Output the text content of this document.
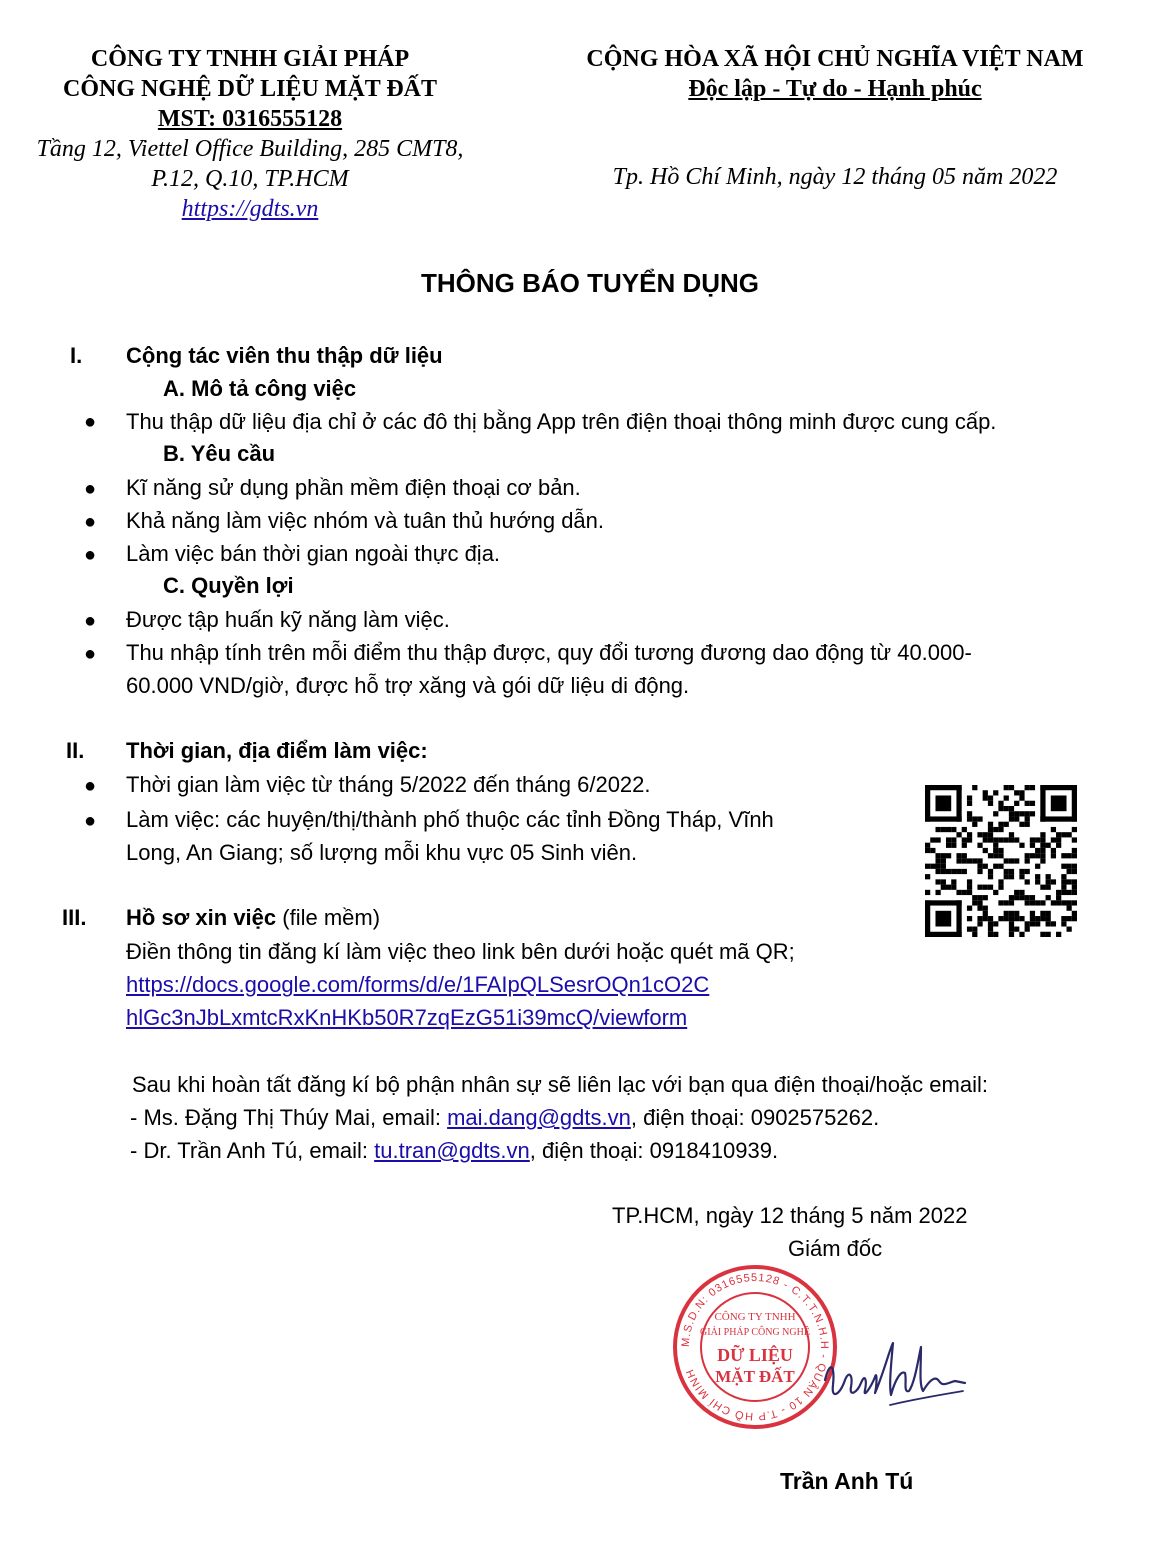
CÔNG TY TNHH GIẢI PHÁP
CÔNG NGHỆ DỮ LIỆU MẶT ĐẤT
MST: 0316555128
Tầng 12, Viettel Office Building, 285 CMT8,
P.12, Q.10, TP.HCM
https://gdts.vn
CỘNG HÒA XÃ HỘI CHỦ NGHĨA VIỆT NAM
Độc lập - Tự do - Hạnh phúc
Tp. Hồ Chí Minh, ngày 12 tháng 05 năm 2022
THÔNG BÁO TUYỂN DỤNG
I.	Cộng tác viên thu thập dữ liệu
A. Mô tả công việc
● Thu thập dữ liệu địa chỉ ở các đô thị bằng App trên điện thoại thông minh được cung cấp.
B. Yêu cầu
● Kĩ năng sử dụng phần mềm điện thoại cơ bản.
● Khả năng làm việc nhóm và tuân thủ hướng dẫn.
● Làm việc bán thời gian ngoài thực địa.
C. Quyền lợi
● Được tập huấn kỹ năng làm việc.
● Thu nhập tính trên mỗi điểm thu thập được, quy đổi tương đương dao động từ 40.000-
60.000 VND/giờ, được hỗ trợ xăng và gói dữ liệu di động.
II.	Thời gian, địa điểm làm việc:
● Thời gian làm việc từ tháng 5/2022 đến tháng 6/2022.
● Làm việc: các huyện/thị/thành phố thuộc các tỉnh Đồng Tháp, Vĩnh
Long, An Giang; số lượng mỗi khu vực 05 Sinh viên.
III.	Hồ sơ xin việc (file mềm)
Điền thông tin đăng kí làm việc theo link bên dưới hoặc quét mã QR;
https://docs.google.com/forms/d/e/1FAIpQLSesrOQn1cO2C
hlGc3nJbLxmtcRxKnHKb50R7zqEzG51i39mcQ/viewform
Sau khi hoàn tất đăng kí bộ phận nhân sự sẽ liên lạc với bạn qua điện thoại/hoặc email:
- Ms. Đặng Thị Thúy Mai, email: mai.dang@gdts.vn, điện thoại: 0902575262.
- Dr. Trần Anh Tú, email: tu.tran@gdts.vn, điện thoại: 0918410939.
TP.HCM, ngày 12 tháng 5 năm 2022
Giám đốc
M.S.D.N: 0316555128 - C.T.T.N.H.H - QUẬN 10 - T.P HỒ CHÍ MINH
CÔNG TY TNHH
GIẢI PHÁP CÔNG NGHỆ
DỮ LIỆU
MẶT ĐẤT
Trần Anh Tú
